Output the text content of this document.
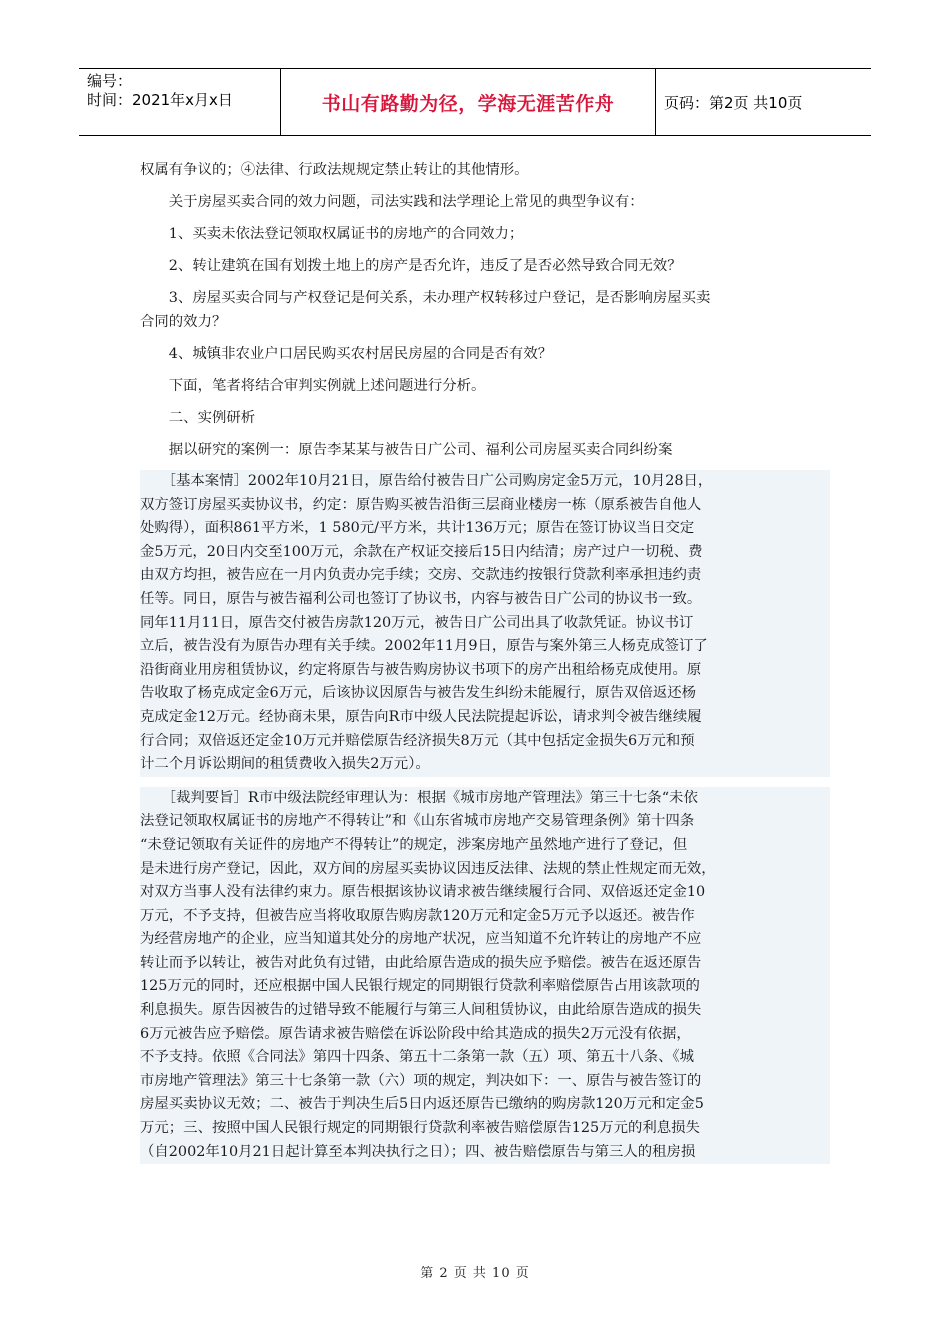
编号：
时间：2021年x月x日	书山有路勤为径，学海无涯苦作舟	页码：第2页 共10页

权属有争议的；④法律、行政法规规定禁止转让的其他情形。

　　关于房屋买卖合同的效力问题，司法实践和法学理论上常见的典型争议有：

　　1、买卖未依法登记领取权属证书的房地产的合同效力；

　　2、转让建筑在国有划拨土地上的房产是否允许，违反了是否必然导致合同无效？

　　3、房屋买卖合同与产权登记是何关系，未办理产权转移过户登记，是否影响房屋买卖

合同的效力？

　　4、城镇非农业户口居民购买农村居民房屋的合同是否有效？

　　下面，笔者将结合审判实例就上述问题进行分析。

　　二、实例研析

　　据以研究的案例一：原告李某某与被告日广公司、福利公司房屋买卖合同纠纷案

　　［基本案情］2002年10月21日，原告给付被告日广公司购房定金5万元，10月28日，
双方签订房屋买卖协议书，约定：原告购买被告沿街三层商业楼房一栋（原系被告自他人
处购得），面积861平方米，1 580元/平方米，共计136万元；原告在签订协议当日交定
金5万元，20日内交至100万元，余款在产权证交接后15日内结清；房产过户一切税、费
由双方均担，被告应在一月内负责办完手续；交房、交款违约按银行贷款利率承担违约责
任等。同日，原告与被告福利公司也签订了协议书，内容与被告日广公司的协议书一致。
同年11月11日，原告交付被告房款120万元，被告日广公司出具了收款凭证。协议书订
立后，被告没有为原告办理有关手续。2002年11月9日，原告与案外第三人杨克成签订了
沿街商业用房租赁协议，约定将原告与被告购房协议书项下的房产出租给杨克成使用。原
告收取了杨克成定金6万元，后该协议因原告与被告发生纠纷未能履行，原告双倍返还杨
克成定金12万元。经协商未果，原告向R市中级人民法院提起诉讼，请求判令被告继续履
行合同；双倍返还定金10万元并赔偿原告经济损失8万元（其中包括定金损失6万元和预
计二个月诉讼期间的租赁费收入损失2万元）。
　　［裁判要旨］R市中级法院经审理认为：根据《城市房地产管理法》第三十七条“未依
法登记领取权属证书的房地产不得转让”和《山东省城市房地产交易管理条例》第十四条
“未登记领取有关证件的房地产不得转让”的规定，涉案房地产虽然地产进行了登记，但
是未进行房产登记，因此，双方间的房屋买卖协议因违反法律、法规的禁止性规定而无效，
对双方当事人没有法律约束力。原告根据该协议请求被告继续履行合同、双倍返还定金10
万元，不予支持，但被告应当将收取原告购房款120万元和定金5万元予以返还。被告作
为经营房地产的企业，应当知道其处分的房地产状况，应当知道不允许转让的房地产不应
转让而予以转让，被告对此负有过错，由此给原告造成的损失应予赔偿。被告在返还原告
125万元的同时，还应根据中国人民银行规定的同期银行贷款利率赔偿原告占用该款项的
利息损失。原告因被告的过错导致不能履行与第三人间租赁协议，由此给原告造成的损失
6万元被告应予赔偿。原告请求被告赔偿在诉讼阶段中给其造成的损失2万元没有依据，
不予支持。依照《合同法》第四十四条、第五十二条第一款（五）项、第五十八条、《城
市房地产管理法》第三十七条第一款（六）项的规定，判决如下：一、原告与被告签订的
房屋买卖协议无效；二、被告于判决生后5日内返还原告已缴纳的购房款120万元和定金5
万元；三、按照中国人民银行规定的同期银行贷款利率被告赔偿原告125万元的利息损失
（自2002年10月21日起计算至本判决执行之日）；四、被告赔偿原告与第三人的租房损
第 2 页 共 10 页
